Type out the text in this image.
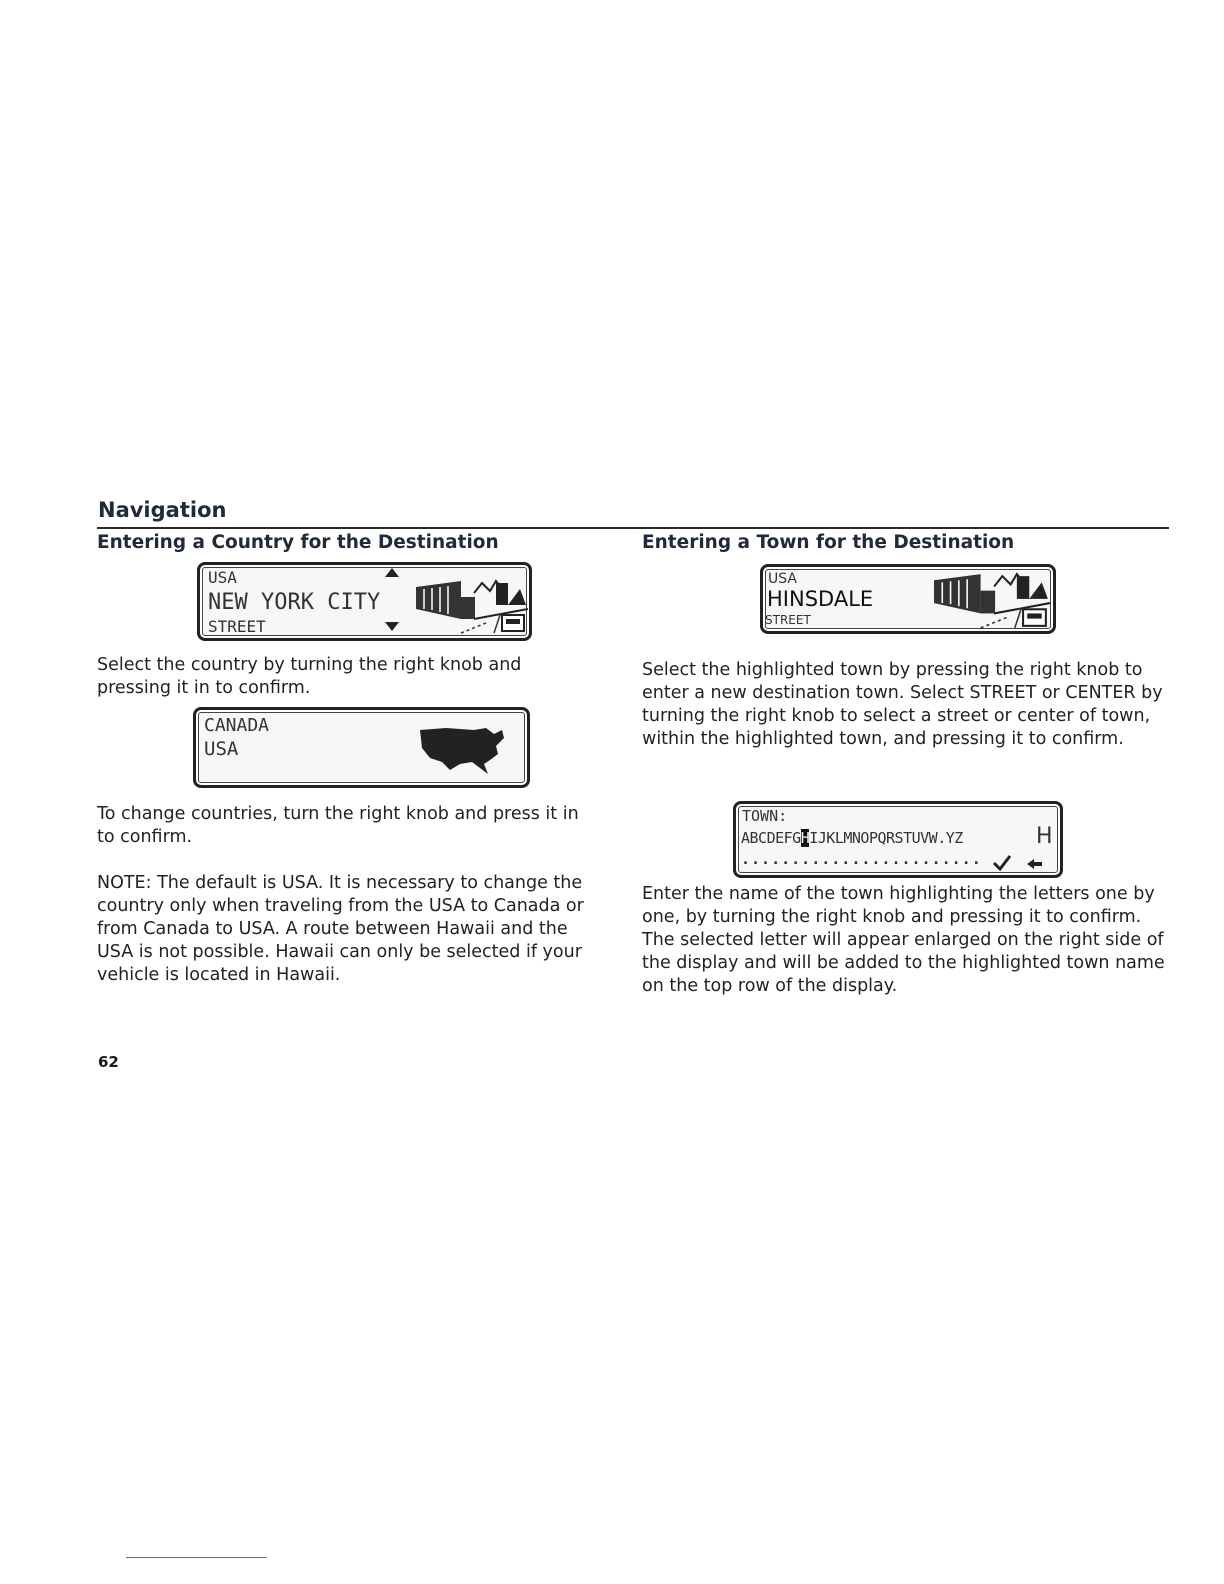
Navigation
Entering a Country for the Destination
USA
NEW YORK CITY
STREET
Select the country by turning the right knob and pressing it in to confirm.
CANADA
USA
To change countries, turn the right knob and press it in to confirm.
NOTE: The default is USA. It is necessary to change the country only when traveling from the USA to Canada or from Canada to USA. A route between Hawaii and the USA is not possible. Hawaii can only be selected if your vehicle is located in Hawaii.
Entering a Town for the Destination
USA
HINSDALE
STREET
Select the highlighted town by pressing the right knob to enter a new destination town. Select STREET or CENTER by turning the right knob to select a street or center of town, within the highlighted town, and pressing it to confirm.
TOWN:
ABCDEFGHIJKLMNOPQRSTUVW.YZ	H
........................
Enter the name of the town highlighting the letters one by one, by turning the right knob and pressing it to confirm. The selected letter will appear enlarged on the right side of the display and will be added to the highlighted town name on the top row of the display.
62
